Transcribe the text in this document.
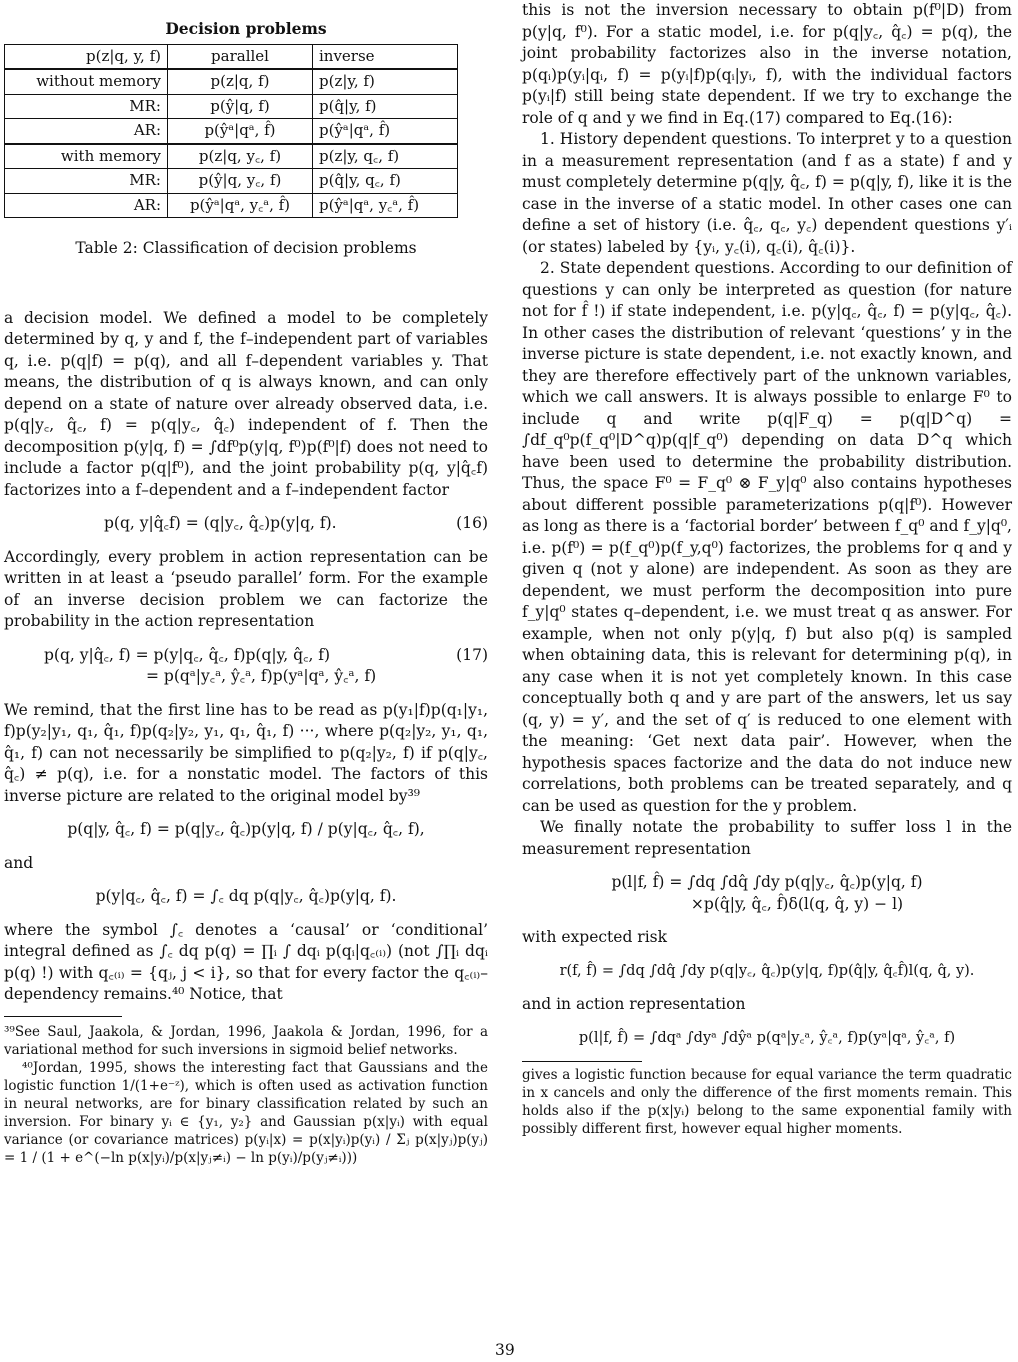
Decision problems
p(z|q, y, f)	parallel	inverse
without memory	p(z|q, f)	p(z|y, f)
MR:	p(ŷ|q, f)	p(q̂|y, f)
AR:	p(ŷᵃ|qᵃ, f̂)	p(ŷᵃ|qᵃ, f̂)
with memory	p(z|q, y꜀, f)	p(z|y, q꜀, f)
MR:	p(ŷ|q, y꜀, f)	p(q̂|y, q꜀, f)
AR:	p(ŷᵃ|qᵃ, y꜀ᵃ, f̂)	p(ŷᵃ|qᵃ, y꜀ᵃ, f̂)
Table 2: Classification of decision problems

a decision model. We defined a model to be completely determined by q, y and f, the f–independent part of variables q, i.e. p(q|f) = p(q), and all f–dependent variables y. That means, the distribution of q is always known, and can only depend on a state of nature over already observed data, i.e. p(q|y꜀, q̂꜀, f) = p(q|y꜀, q̂꜀) independent of f. Then the decomposition p(y|q, f) = ∫df⁰p(y|q, f⁰)p(f⁰|f) does not need to include a factor p(q|f⁰), and the joint probability p(q, y|q̂꜀f) factorizes into a f–dependent and a f–independent factor

p(q, y|q̂꜀f) = (q|y꜀, q̂꜀)p(y|q, f).	(16)

Accordingly, every problem in action representation can be written in at least a ‘pseudo parallel’ form. For the example of an inverse decision problem we can factorize the probability in the action representation

p(q, y|q̂꜀, f) = p(y|q꜀, q̂꜀, f)p(q|y, q̂꜀, f)	(17)
= p(qᵃ|y꜀ᵃ, ŷ꜀ᵃ, f)p(yᵃ|qᵃ, ŷ꜀ᵃ, f)

We remind, that the first line has to be read as p(y₁|f)p(q₁|y₁, f)p(y₂|y₁, q₁, q̂₁, f)p(q₂|y₂, y₁, q₁, q̂₁, f) ···, where p(q₂|y₂, y₁, q₁, q̂₁, f) can not necessarily be simplified to p(q₂|y₂, f) if p(q|y꜀, q̂꜀) ≠ p(q), i.e. for a nonstatic model. The factors of this inverse picture are related to the original model by³⁹

p(q|y, q̂꜀, f) = p(q|y꜀, q̂꜀)p(y|q, f) / p(y|q꜀, q̂꜀, f),

and

p(y|q꜀, q̂꜀, f) = ∫꜀ dq p(q|y꜀, q̂꜀)p(y|q, f).

where the symbol ∫꜀ denotes a ‘causal’ or ‘conditional’ integral defined as ∫꜀ dq p(q) = ∏ᵢ ∫ dqᵢ p(qᵢ|q꜀₍ᵢ₎) (not ∫∏ᵢ dqᵢ p(q) !) with q꜀₍ᵢ₎ = {qⱼ, j < i}, so that for every factor the q꜀₍ᵢ₎–dependency remains.⁴⁰ Notice, that

³⁹See Saul, Jaakola, & Jordan, 1996, Jaakola & Jordan, 1996, for a variational method for such inversions in sigmoid belief networks.

⁴⁰Jordan, 1995, shows the interesting fact that Gaussians and the logistic function 1/(1+e⁻ᶻ), which is often used as activation function in neural networks, are for binary classification related by such an inversion. For binary yᵢ ∈ {y₁, y₂} and Gaussian p(x|yᵢ) with equal variance (or covariance matrices) p(yᵢ|x) = p(x|yᵢ)p(yᵢ) / Σⱼ p(x|yⱼ)p(yⱼ) = 1 / (1 + e^(−ln p(x|yᵢ)/p(x|yⱼ≠ᵢ) − ln p(yᵢ)/p(yⱼ≠ᵢ)))

this is not the inversion necessary to obtain p(f⁰|D) from p(y|q, f⁰). For a static model, i.e. for p(q|y꜀, q̂꜀) = p(q), the joint probability factorizes also in the inverse notation, p(qᵢ)p(yᵢ|qᵢ, f) = p(yᵢ|f)p(qᵢ|yᵢ, f), with the individual factors p(yᵢ|f) still being state dependent. If we try to exchange the role of q and y we find in Eq.(17) compared to Eq.(16):

1. History dependent questions. To interpret y to a question in a measurement representation (and f as a state) f and y must completely determine p(q|y, q̂꜀, f) = p(q|y, f), like it is the case in the inverse of a static model. In other cases one can define a set of history (i.e. q̂꜀, q꜀, y꜀) dependent questions y′ᵢ (or states) labeled by {yᵢ, y꜀(i), q꜀(i), q̂꜀(i)}.

2. State dependent questions. According to our definition of questions y can only be interpreted as question (for nature not for f̂ !) if state independent, i.e. p(y|q꜀, q̂꜀, f) = p(y|q꜀, q̂꜀). In other cases the distribution of relevant ‘questions’ y in the inverse picture is state dependent, i.e. not exactly known, and they are therefore effectively part of the unknown variables, which we call answers. It is always possible to enlarge F⁰ to include q and write p(q|F_q) = p(q|D^q) = ∫df_q⁰p(f_q⁰|D^q)p(q|f_q⁰) depending on data D^q which have been used to determine the probability distribution. Thus, the space F⁰ = F_q⁰ ⊗ F_y|q⁰ also contains hypotheses about different possible parameterizations p(q|f⁰). However as long as there is a ‘factorial border’ between f_q⁰ and f_y|q⁰, i.e. p(f⁰) = p(f_q⁰)p(f_y,q⁰) factorizes, the problems for q and y given q (not y alone) are independent. As soon as they are dependent, we must perform the decomposition into pure f_y|q⁰ states q–dependent, i.e. we must treat q as answer. For example, when not only p(y|q, f) but also p(q) is sampled when obtaining data, this is relevant for determining p(q), in any case when it is not yet completely known. In this case conceptually both q and y are part of the answers, let us say (q, y) = y′, and the set of q′ is reduced to one element with the meaning: ‘Get next data pair’. However, when the hypothesis spaces factorize and the data do not induce new correlations, both problems can be treated separately, and q can be used as question for the y problem.

We finally notate the probability to suffer loss l in the measurement representation

p(l|f, f̂) = ∫dq ∫dq̂ ∫dy p(q|y꜀, q̂꜀)p(y|q, f)
×p(q̂|y, q̂꜀, f̂)δ(l(q, q̂, y) − l)

with expected risk

r(f, f̂) = ∫dq ∫dq̂ ∫dy p(q|y꜀, q̂꜀)p(y|q, f)p(q̂|y, q̂꜀f̂)l(q, q̂, y).

and in action representation

p(l|f, f̂) = ∫dqᵃ ∫dyᵃ ∫dŷᵃ p(qᵃ|y꜀ᵃ, ŷ꜀ᵃ, f)p(yᵃ|qᵃ, ŷ꜀ᵃ, f)

gives a logistic function because for equal variance the term quadratic in x cancels and only the difference of the first moments remain. This holds also if the p(x|yᵢ) belong to the same exponential family with possibly different first, however equal higher moments.

39
